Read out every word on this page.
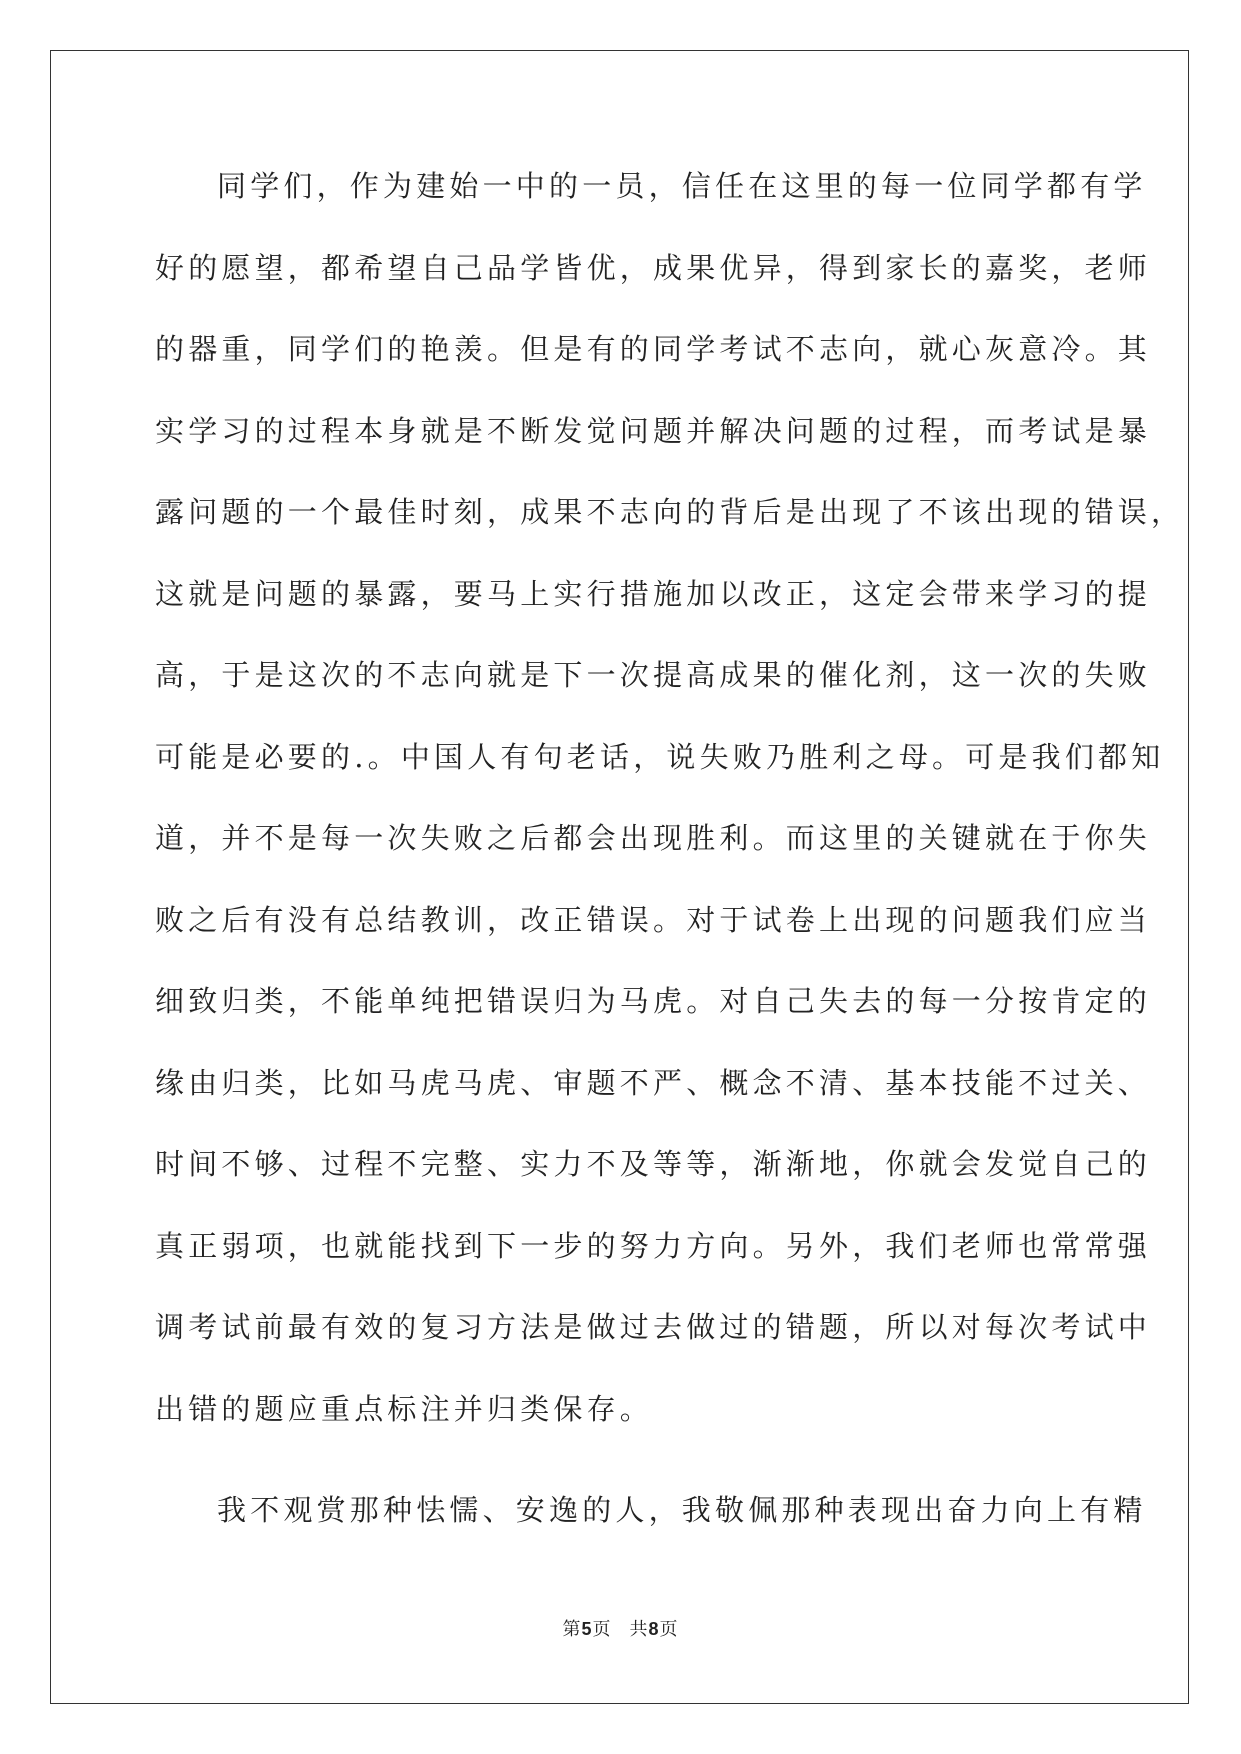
同学们，作为建始一中的一员，信任在这里的每一位同学都有学
好的愿望，都希望自己品学皆优，成果优异，得到家长的嘉奖，老师
的器重，同学们的艳羡。但是有的同学考试不志向，就心灰意冷。其
实学习的过程本身就是不断发觉问题并解决问题的过程，而考试是暴
露问题的一个最佳时刻，成果不志向的背后是出现了不该出现的错误，
这就是问题的暴露，要马上实行措施加以改正，这定会带来学习的提
高，于是这次的不志向就是下一次提高成果的催化剂，这一次的失败
可能是必要的.。中国人有句老话，说失败乃胜利之母。可是我们都知
道，并不是每一次失败之后都会出现胜利。而这里的关键就在于你失
败之后有没有总结教训，改正错误。对于试卷上出现的问题我们应当
细致归类，不能单纯把错误归为马虎。对自己失去的每一分按肯定的
缘由归类，比如马虎马虎、审题不严、概念不清、基本技能不过关、
时间不够、过程不完整、实力不及等等，渐渐地，你就会发觉自己的
真正弱项，也就能找到下一步的努力方向。另外，我们老师也常常强
调考试前最有效的复习方法是做过去做过的错题，所以对每次考试中
出错的题应重点标注并归类保存。
我不观赏那种怯懦、安逸的人，我敬佩那种表现出奋力向上有精
第5页 共8页
